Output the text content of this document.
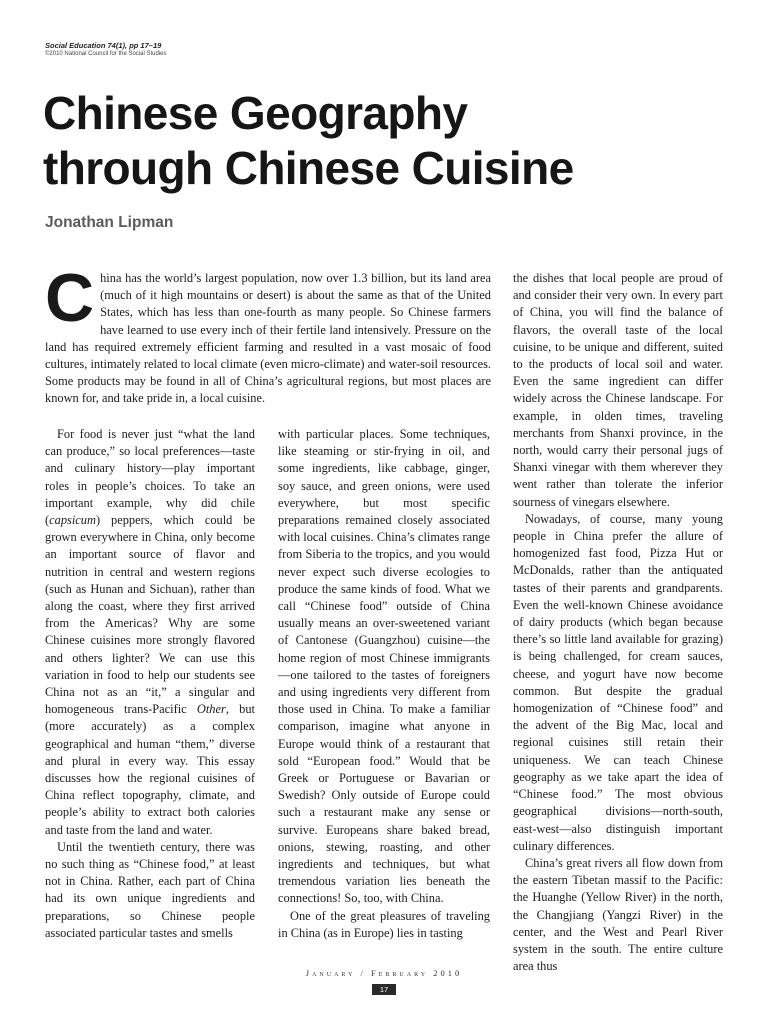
Social Education 74(1), pp 17–19

©2010 National Council for the Social Studies

Chinese Geography
through Chinese Cuisine

Jonathan Lipman

C hina has the world’s largest population, now over 1.3 billion, but its land area (much of it high mountains or desert) is about the same as that of the United States, which has less than one-fourth as many people. So Chinese farmers have learned to use every inch of their fertile land intensively. Pressure on the land has required extremely efficient farming and resulted in a vast mosaic of food cultures, intimately related to local climate (even micro-climate) and water-soil resources. Some products may be found in all of China’s agricultural regions, but most places are known for, and take pride in, a local cuisine.

For food is never just “what the land can produce,” so local preferences—taste and culinary history—play important roles in people’s choices. To take an important example, why did chile (capsicum) peppers, which could be grown everywhere in China, only become an important source of flavor and nutrition in central and western regions (such as Hunan and Sichuan), rather than along the coast, where they first arrived from the Americas? Why are some Chinese cuisines more strongly flavored and others lighter? We can use this variation in food to help our students see China not as an “it,” a singular and homogeneous trans-Pacific Other, but (more accurately) as a complex geographical and human “them,” diverse and plural in every way. This essay discusses how the regional cuisines of China reflect topography, climate, and people’s ability to extract both calories and taste from the land and water.

Until the twentieth century, there was no such thing as “Chinese food,” at least not in China. Rather, each part of China had its own unique ingredients and preparations, so Chinese people associated particular tastes and smells

with particular places. Some techniques, like steaming or stir-frying in oil, and some ingredients, like cabbage, ginger, soy sauce, and green onions, were used everywhere, but most specific preparations remained closely associated with local cuisines. China’s climates range from Siberia to the tropics, and you would never expect such diverse ecologies to produce the same kinds of food. What we call “Chinese food” outside of China usually means an over-sweetened variant of Cantonese (Guangzhou) cuisine—the home region of most Chinese immigrants—one tailored to the tastes of foreigners and using ingredients very different from those used in China. To make a familiar comparison, imagine what anyone in Europe would think of a restaurant that sold “European food.” Would that be Greek or Portuguese or Bavarian or Swedish? Only outside of Europe could such a restaurant make any sense or survive. Europeans share baked bread, onions, stewing, roasting, and other ingredients and techniques, but what tremendous variation lies beneath the connections! So, too, with China.

One of the great pleasures of traveling in China (as in Europe) lies in tasting

the dishes that local people are proud of and consider their very own. In every part of China, you will find the balance of flavors, the overall taste of the local cuisine, to be unique and different, suited to the products of local soil and water. Even the same ingredient can differ widely across the Chinese landscape. For example, in olden times, traveling merchants from Shanxi province, in the north, would carry their personal jugs of Shanxi vinegar with them wherever they went rather than tolerate the inferior sourness of vinegars elsewhere.

Nowadays, of course, many young people in China prefer the allure of homogenized fast food, Pizza Hut or McDonalds, rather than the antiquated tastes of their parents and grandparents. Even the well-known Chinese avoidance of dairy products (which began because there’s so little land available for grazing) is being challenged, for cream sauces, cheese, and yogurt have now become common. But despite the gradual homogenization of “Chinese food” and the advent of the Big Mac, local and regional cuisines still retain their uniqueness. We can teach Chinese geography as we take apart the idea of “Chinese food.” The most obvious geographical divisions—north-south, east-west—also distinguish important culinary differences.

China’s great rivers all flow down from the eastern Tibetan massif to the Pacific: the Huanghe (Yellow River) in the north, the Changjiang (Yangzi River) in the center, and the West and Pearl River system in the south. The entire culture area thus

January / February 2010
17
